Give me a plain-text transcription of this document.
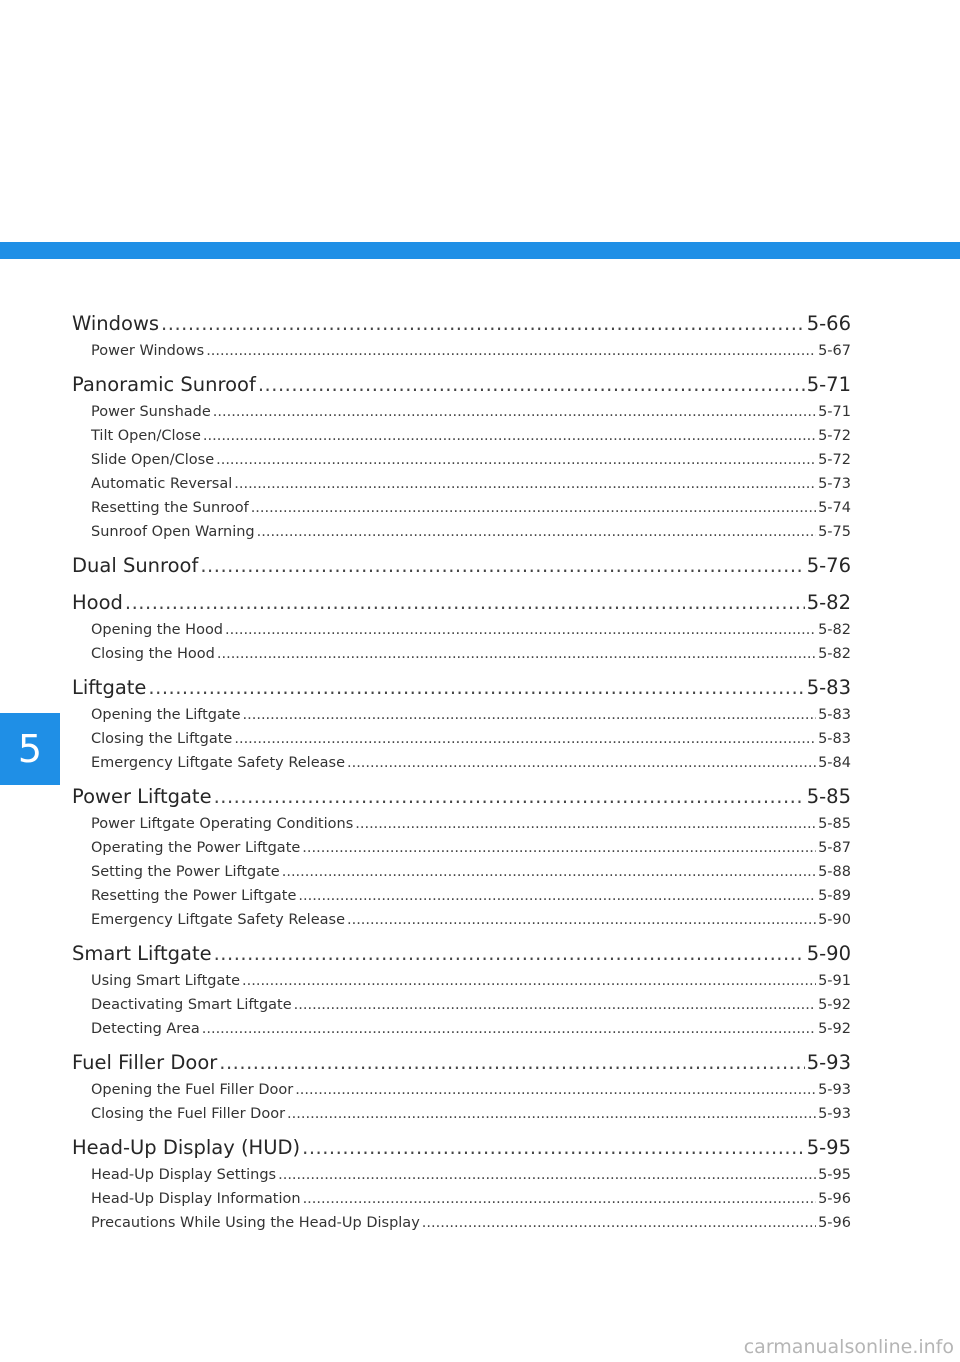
5
Windows .....	5-66
Power Windows .....	5-67
Panoramic Sunroof .....	5-71
Power Sunshade .....	5-71
Tilt Open/Close .....	5-72
Slide Open/Close .....	5-72
Automatic Reversal .....	5-73
Resetting the Sunroof .....	5-74
Sunroof Open Warning .....	5-75
Dual Sunroof .....	5-76
Hood .....	5-82
Opening the Hood .....	5-82
Closing the Hood .....	5-82
Liftgate .....	5-83
Opening the Liftgate .....	5-83
Closing the Liftgate .....	5-83
Emergency Liftgate Safety Release .....	5-84
Power Liftgate .....	5-85
Power Liftgate Operating Conditions .....	5-85
Operating the Power Liftgate .....	5-87
Setting the Power Liftgate .....	5-88
Resetting the Power Liftgate .....	5-89
Emergency Liftgate Safety Release .....	5-90
Smart Liftgate .....	5-90
Using Smart Liftgate .....	5-91
Deactivating Smart Liftgate .....	5-92
Detecting Area .....	5-92
Fuel Filler Door .....	5-93
Opening the Fuel Filler Door .....	5-93
Closing the Fuel Filler Door .....	5-93
Head-Up Display (HUD) .....	5-95
Head-Up Display Settings .....	5-95
Head-Up Display Information .....	5-96
Precautions While Using the Head-Up Display .....	5-96
carmanualsonline.info
